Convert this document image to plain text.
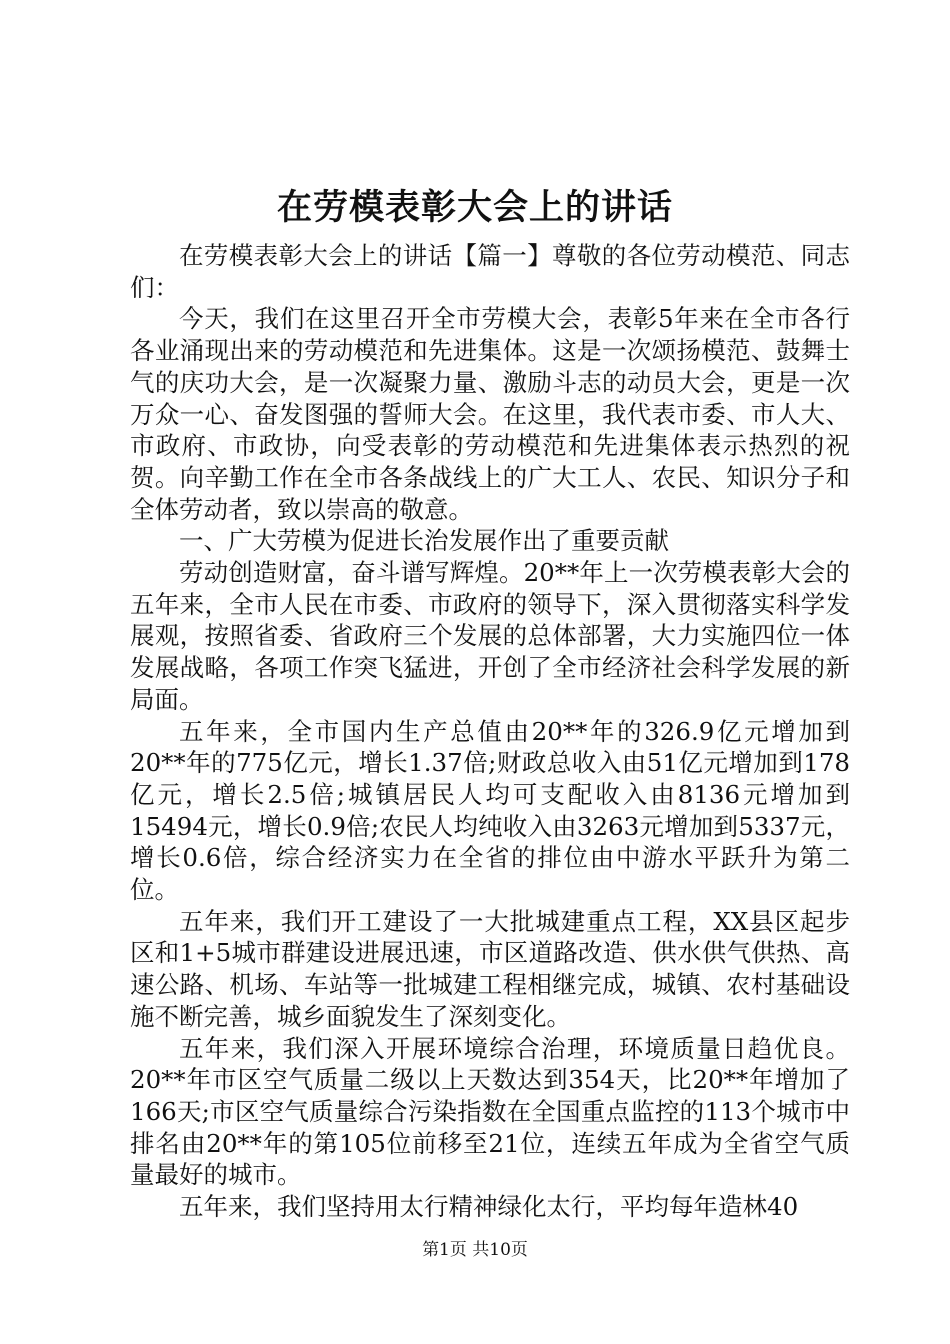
在劳模表彰大会上的讲话

在劳模表彰大会上的讲话【篇一】尊敬的各位劳动模范、同志们：

今天，我们在这里召开全市劳模大会，表彰5年来在全市各行各业涌现出来的劳动模范和先进集体。这是一次颂扬模范、鼓舞士气的庆功大会，是一次凝聚力量、激励斗志的动员大会，更是一次万众一心、奋发图强的誓师大会。在这里，我代表市委、市人大、市政府、市政协，向受表彰的劳动模范和先进集体表示热烈的祝贺。向辛勤工作在全市各条战线上的广大工人、农民、知识分子和全体劳动者，致以崇高的敬意。

一、广大劳模为促进长治发展作出了重要贡献

劳动创造财富，奋斗谱写辉煌。20**年上一次劳模表彰大会的五年来，全市人民在市委、市政府的领导下，深入贯彻落实科学发展观，按照省委、省政府三个发展的总体部署，大力实施四位一体发展战略，各项工作突飞猛进，开创了全市经济社会科学发展的新局面。

五年来，全市国内生产总值由20**年的326.9亿元增加到20**年的775亿元，增长1.37倍;财政总收入由51亿元增加到178亿元，增长2.5倍;城镇居民人均可支配收入由8136元增加到15494元，增长0.9倍;农民人均纯收入由3263元增加到5337元，增长0.6倍，综合经济实力在全省的排位由中游水平跃升为第二位。

五年来，我们开工建设了一大批城建重点工程，XX县区起步区和1+5城市群建设进展迅速，市区道路改造、供水供气供热、高速公路、机场、车站等一批城建工程相继完成，城镇、农村基础设施不断完善，城乡面貌发生了深刻变化。

五年来，我们深入开展环境综合治理，环境质量日趋优良。20**年市区空气质量二级以上天数达到354天，比20**年增加了166天;市区空气质量综合污染指数在全国重点监控的113个城市中排名由20**年的第105位前移至21位，连续五年成为全省空气质量最好的城市。

五年来，我们坚持用太行精神绿化太行，平均每年造林40

第1页 共10页
